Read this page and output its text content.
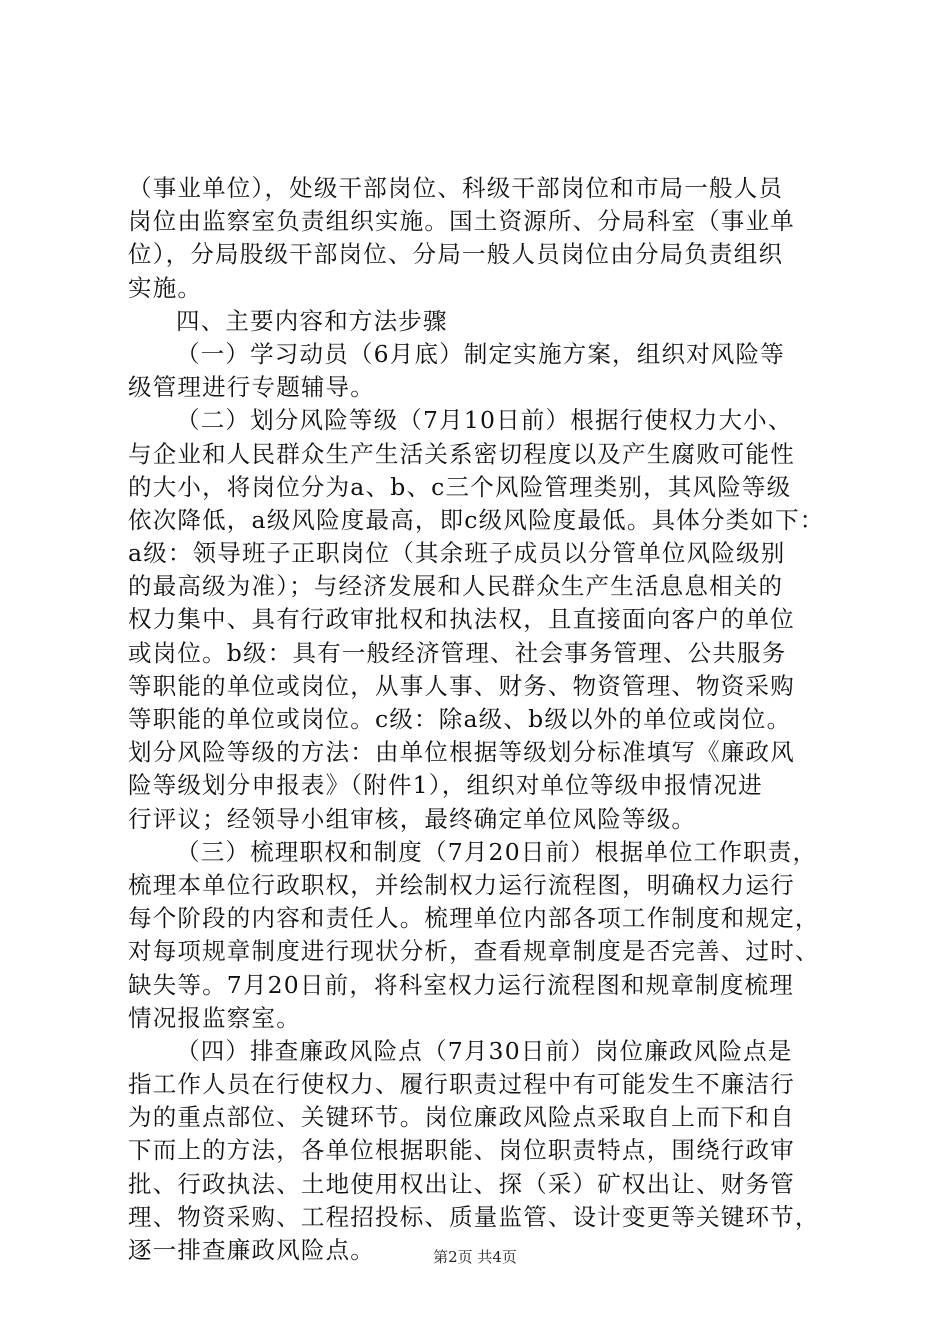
（事业单位），处级干部岗位、科级干部岗位和市局一般人员
岗位由监察室负责组织实施。国土资源所、分局科室（事业单
位），分局股级干部岗位、分局一般人员岗位由分局负责组织
实施。
四、主要内容和方法步骤
（一）学习动员（6月底）制定实施方案，组织对风险等
级管理进行专题辅导。
（二）划分风险等级（7月10日前）根据行使权力大小、
与企业和人民群众生产生活关系密切程度以及产生腐败可能性
的大小，将岗位分为a、b、c三个风险管理类别，其风险等级
依次降低，a级风险度最高，即c级风险度最低。具体分类如下：
a级：领导班子正职岗位（其余班子成员以分管单位风险级别
的最高级为准）；与经济发展和人民群众生产生活息息相关的
权力集中、具有行政审批权和执法权，且直接面向客户的单位
或岗位。b级：具有一般经济管理、社会事务管理、公共服务
等职能的单位或岗位，从事人事、财务、物资管理、物资采购
等职能的单位或岗位。c级：除a级、b级以外的单位或岗位。
划分风险等级的方法：由单位根据等级划分标准填写《廉政风
险等级划分申报表》（附件1），组织对单位等级申报情况进
行评议；经领导小组审核，最终确定单位风险等级。
（三）梳理职权和制度（7月20日前）根据单位工作职责，
梳理本单位行政职权，并绘制权力运行流程图，明确权力运行
每个阶段的内容和责任人。梳理单位内部各项工作制度和规定，
对每项规章制度进行现状分析，查看规章制度是否完善、过时、
缺失等。7月20日前，将科室权力运行流程图和规章制度梳理
情况报监察室。
（四）排查廉政风险点（7月30日前）岗位廉政风险点是
指工作人员在行使权力、履行职责过程中有可能发生不廉洁行
为的重点部位、关键环节。岗位廉政风险点采取自上而下和自
下而上的方法，各单位根据职能、岗位职责特点，围绕行政审
批、行政执法、土地使用权出让、探（采）矿权出让、财务管
理、物资采购、工程招投标、质量监管、设计变更等关键环节，
逐一排查廉政风险点。	第2页 共4页
